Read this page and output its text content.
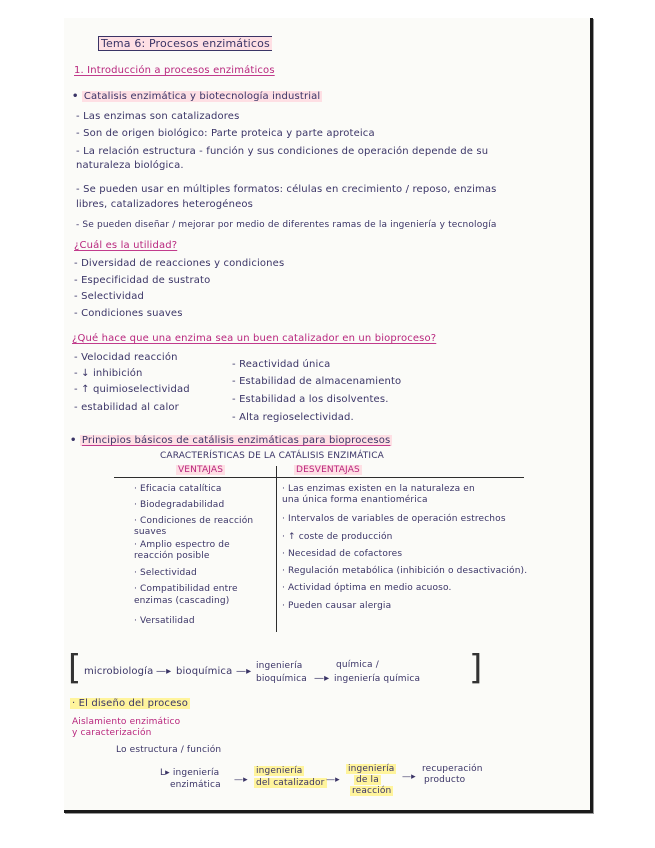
Tema 6: Procesos enzimáticos
1. Introducción a procesos enzimáticos
• Catalisis enzimática y biotecnología industrial
- Las enzimas son catalizadores
- Son de origen biológico: Parte proteica y parte aproteica
- La relación estructura - función y sus condiciones de operación depende de su
naturaleza biológica.
- Se pueden usar en múltiples formatos: células en crecimiento / reposo, enzimas
libres, catalizadores heterogéneos
- Se pueden diseñar / mejorar por medio de diferentes ramas de la ingeniería y tecnología
¿Cuál es la utilidad?
- Diversidad de reacciones y condiciones
- Especificidad de sustrato
- Selectividad
- Condiciones suaves
¿Qué hace que una enzima sea un buen catalizador en un bioproceso?
- Velocidad reacción
- ↓ inhibición
- ↑ quimioselectividad
- estabilidad al calor
- Reactividad única
- Estabilidad de almacenamiento
- Estabilidad a los disolventes.
- Alta regioselectividad.
• Principios básicos de catálisis enzimáticas para bioprocesos
CARACTERÍSTICAS DE LA CATÁLISIS ENZIMÁTICA
VENTAJAS	DESVENTAJAS
· Eficacia catalítica
· Biodegradabilidad
· Condiciones de reacción
suaves
· Amplio espectro de
reacción posible
· Selectividad
· Compatibilidad entre
enzimas (cascading)
· Versatilidad
· Las enzimas existen en la naturaleza en
una única forma enantiomérica
· Intervalos de variables de operación estrechos
· ↑ coste de producción
· Necesidad de cofactores
· Regulación metabólica (inhibición o desactivación).
· Actividad óptima en medio acuoso.
· Pueden causar alergia
[	]
microbiología —▸ bioquímica —▸ ingeniería
bioquímica —▸
química /
ingeniería química
· El diseño del proceso
Aislamiento enzimático
y caracterización
Lo estructura / función
L▸ ingeniería
enzimática —▸
ingeniería
del catalizador —▸
ingeniería
de la
reacción
—▸
recuperación
producto
